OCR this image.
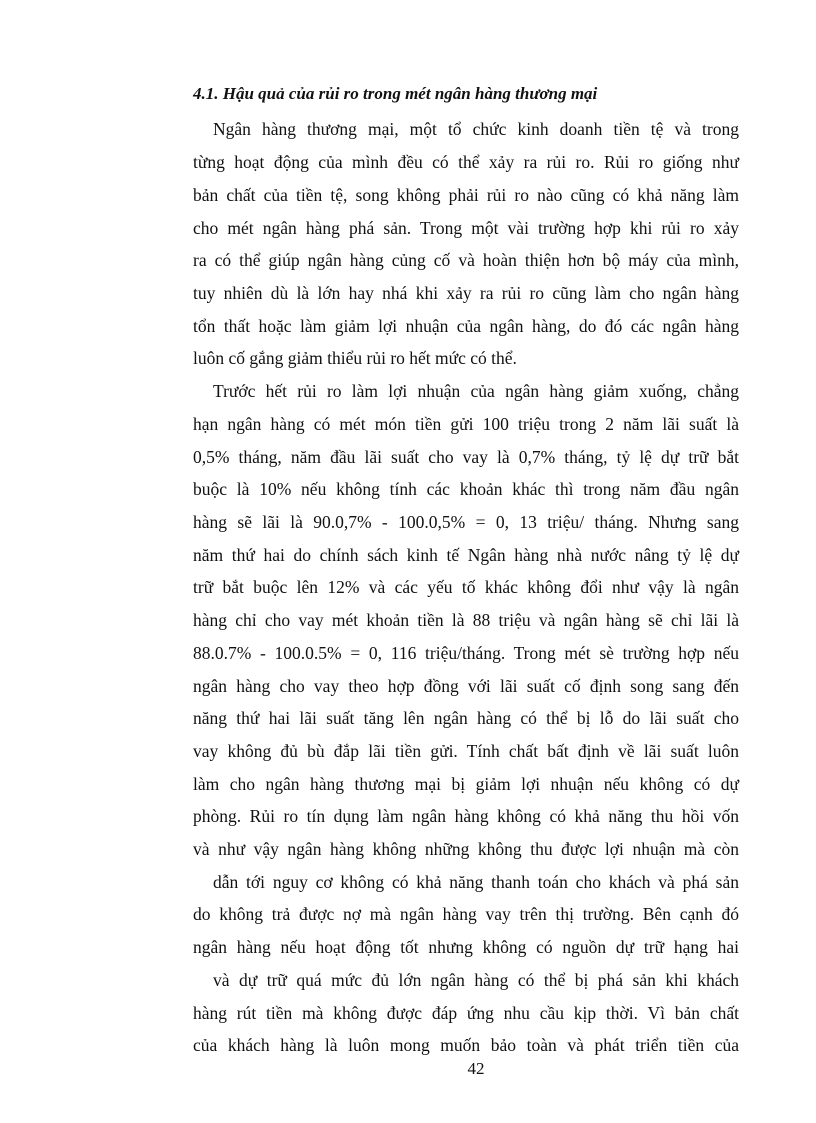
4.1. Hậu quả của rủi ro trong mét ngân hàng thương mại
Ngân hàng thương mại, một tổ chức kinh doanh tiền tệ và trong
từng hoạt động của mình đều có thể xảy ra rủi ro. Rủi ro giống như
bản chất của tiền tệ, song không phải rủi ro nào cũng có khả năng làm
cho mét ngân hàng phá sản. Trong một vài trường hợp khi rủi ro xảy
ra có thể giúp ngân hàng củng cố và hoàn thiện hơn bộ máy của mình,
tuy nhiên dù là lớn hay nhá khi xảy ra rủi ro cũng làm cho ngân hàng
tổn thất hoặc làm giảm lợi nhuận của ngân hàng, do đó các ngân hàng
luôn cố gắng giảm thiểu rủi ro hết mức có thể.
Trước hết rủi ro làm lợi nhuận của ngân hàng giảm xuống, chẳng
hạn ngân hàng có mét món tiền gửi 100 triệu trong 2 năm lãi suất là
0,5% tháng, năm đầu lãi suất cho vay là 0,7% tháng, tỷ lệ dự trữ bắt
buộc là 10% nếu không tính các khoản khác thì trong năm đầu ngân
hàng sẽ lãi là 90.0,7% - 100.0,5% = 0, 13 triệu/ tháng. Nhưng sang
năm thứ hai do chính sách kinh tế Ngân hàng nhà nước nâng tỷ lệ dự
trữ bắt buộc lên 12% và các yếu tố khác không đổi như vậy là ngân
hàng chỉ cho vay mét khoản tiền là 88 triệu và ngân hàng sẽ chỉ lãi là
88.0.7% - 100.0.5% = 0, 116 triệu/tháng. Trong mét sè trường hợp nếu
ngân hàng cho vay theo hợp đồng với lãi suất cố định song sang đến
năng thứ hai lãi suất tăng lên ngân hàng có thể bị lỗ do lãi suất cho
vay không đủ bù đắp lãi tiền gửi. Tính chất bất định về lãi suất luôn
làm cho ngân hàng thương mại bị giảm lợi nhuận nếu không có dự
phòng. Rủi ro tín dụng làm ngân hàng không có khả năng thu hồi vốn
và như vậy ngân hàng không những không thu được lợi nhuận mà còn
dẫn tới nguy cơ không có khả năng thanh toán cho khách và phá sản
do không trả được nợ mà ngân hàng vay trên thị trường. Bên cạnh đó
ngân hàng nếu hoạt động tốt nhưng không có nguồn dự trữ hạng hai
và dự trữ quá mức đủ lớn ngân hàng có thể bị phá sản khi khách
hàng rút tiền mà không được đáp ứng nhu cầu kịp thời. Vì bản chất
của khách hàng là luôn mong muốn bảo toàn và phát triển tiền của
42
